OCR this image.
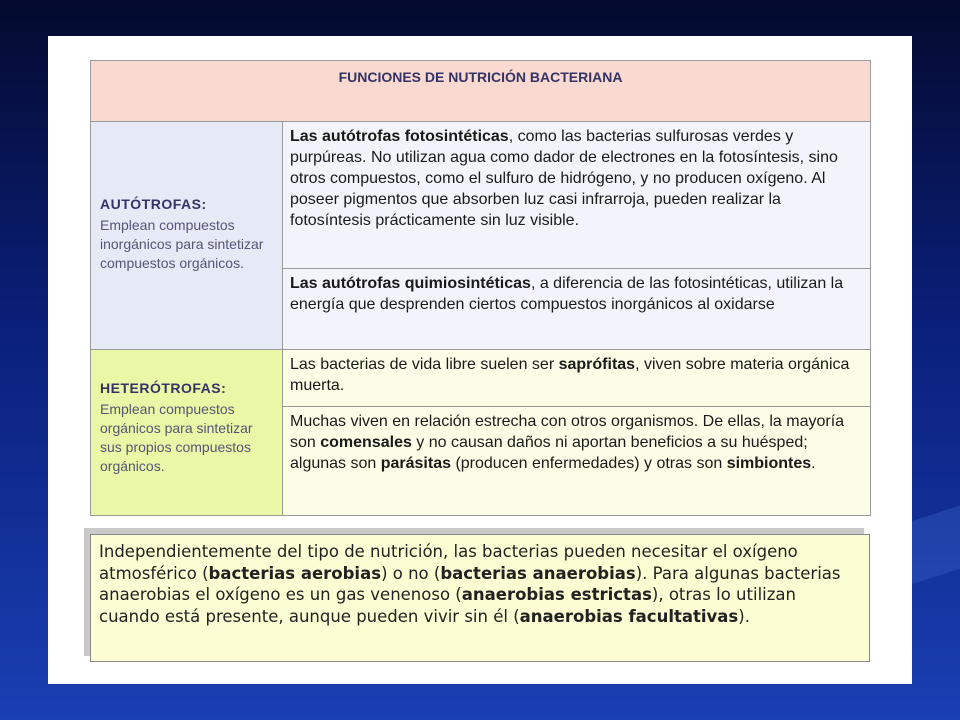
FUNCIONES DE NUTRICIÓN BACTERIANA	

AUTÓTROFAS:
Emplean compuestos inorgánicos para sintetizar compuestos orgánicos.	Las autótrofas fotosintéticas, como las bacterias sulfurosas verdes y purpúreas. No utilizan agua como dador de electrones en la fotosíntesis, sino otros compuestos, como el sulfuro de hidrógeno, y no producen oxígeno. Al poseer pigmentos que absorben luz casi infrarroja, pueden realizar la fotosíntesis prácticamente sin luz visible.

	Las autótrofas quimiosintéticas, a diferencia de las fotosintéticas, utilizan la energía que desprenden ciertos compuestos inorgánicos al oxidarse

HETERÓTROFAS:
Emplean compuestos orgánicos para sintetizar sus propios compuestos orgánicos.	Las bacterias de vida libre suelen ser saprófitas, viven sobre materia orgánica muerta.

	Muchas viven en relación estrecha con otros organismos. De ellas, la mayoría son comensales y no causan daños ni aportan beneficios a su huésped; algunas son parásitas (producen enfermedades) y otras son simbiontes.
Independientemente del tipo de nutrición, las bacterias pueden necesitar el oxígeno atmosférico (bacterias aerobias) o no (bacterias anaerobias). Para algunas bacterias anaerobias el oxígeno es un gas venenoso (anaerobias estrictas), otras lo utilizan cuando está presente, aunque pueden vivir sin él (anaerobias facultativas).
